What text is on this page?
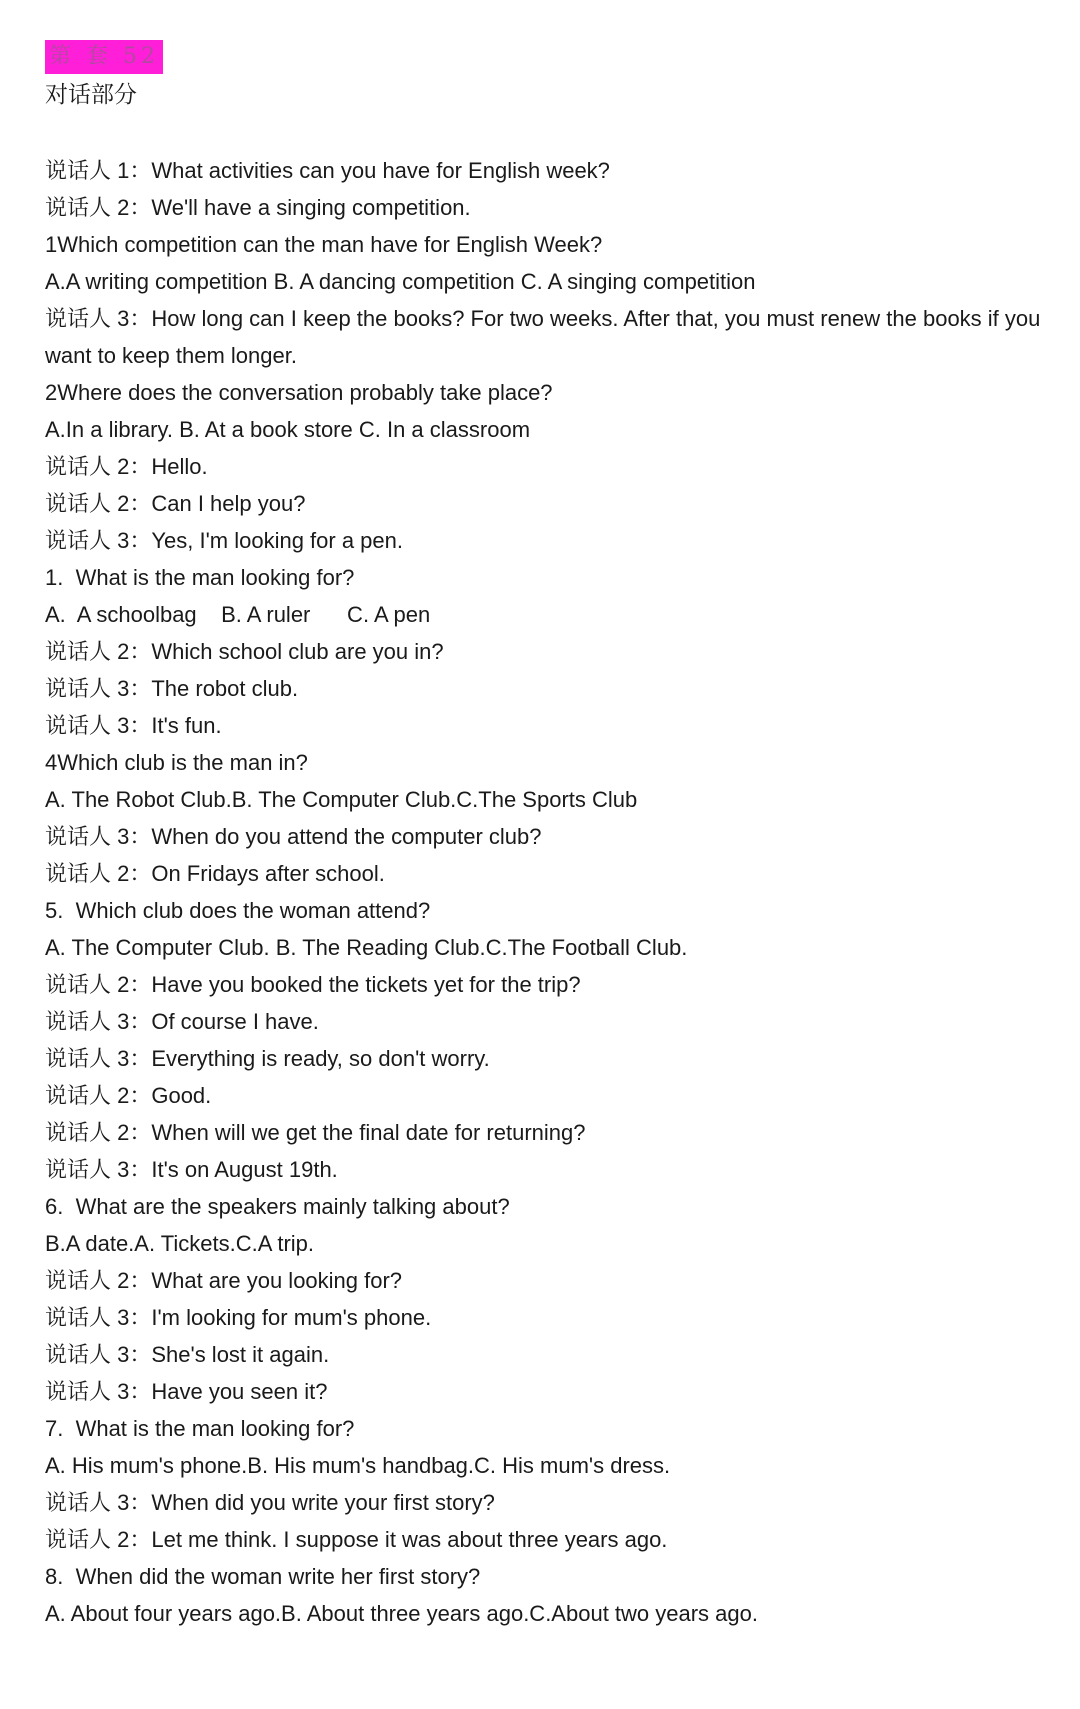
第 套 52
对话部分
说话人 1：What activities can you have for English week?
说话人 2：We'll have a singing competition.
1Which competition can the man have for English Week?
A.A writing competition B. A dancing competition C. A singing competition
说话人 3：How long can I keep the books? For two weeks. After that, you must renew the books if you want to keep them longer.
2Where does the conversation probably take place?
A.In a library. B. At a book store C. In a classroom
说话人 2：Hello.
说话人 2：Can I help you?
说话人 3：Yes, I'm looking for a pen.
1.  What is the man looking for?
A.  A schoolbag    B. A ruler      C. A pen
说话人 2：Which school club are you in?
说话人 3：The robot club.
说话人 3：It's fun.
4Which club is the man in?
A. The Robot Club.B. The Computer Club.C.The Sports Club
说话人 3：When do you attend the computer club?
说话人 2：On Fridays after school.
5.  Which club does the woman attend?
A. The Computer Club. B. The Reading Club.C.The Football Club.
说话人 2：Have you booked the tickets yet for the trip?
说话人 3：Of course I have.
说话人 3：Everything is ready, so don't worry.
说话人 2：Good.
说话人 2：When will we get the final date for returning?
说话人 3：It's on August 19th.
6.  What are the speakers mainly talking about?
B.A date.A. Tickets.C.A trip.
说话人 2：What are you looking for?
说话人 3：I'm looking for mum's phone.
说话人 3：She's lost it again.
说话人 3：Have you seen it?
7.  What is the man looking for?
A. His mum's phone.B. His mum's handbag.C. His mum's dress.
说话人 3：When did you write your first story?
说话人 2：Let me think. I suppose it was about three years ago.
8.  When did the woman write her first story?
A. About four years ago.B. About three years ago.C.About two years ago.
